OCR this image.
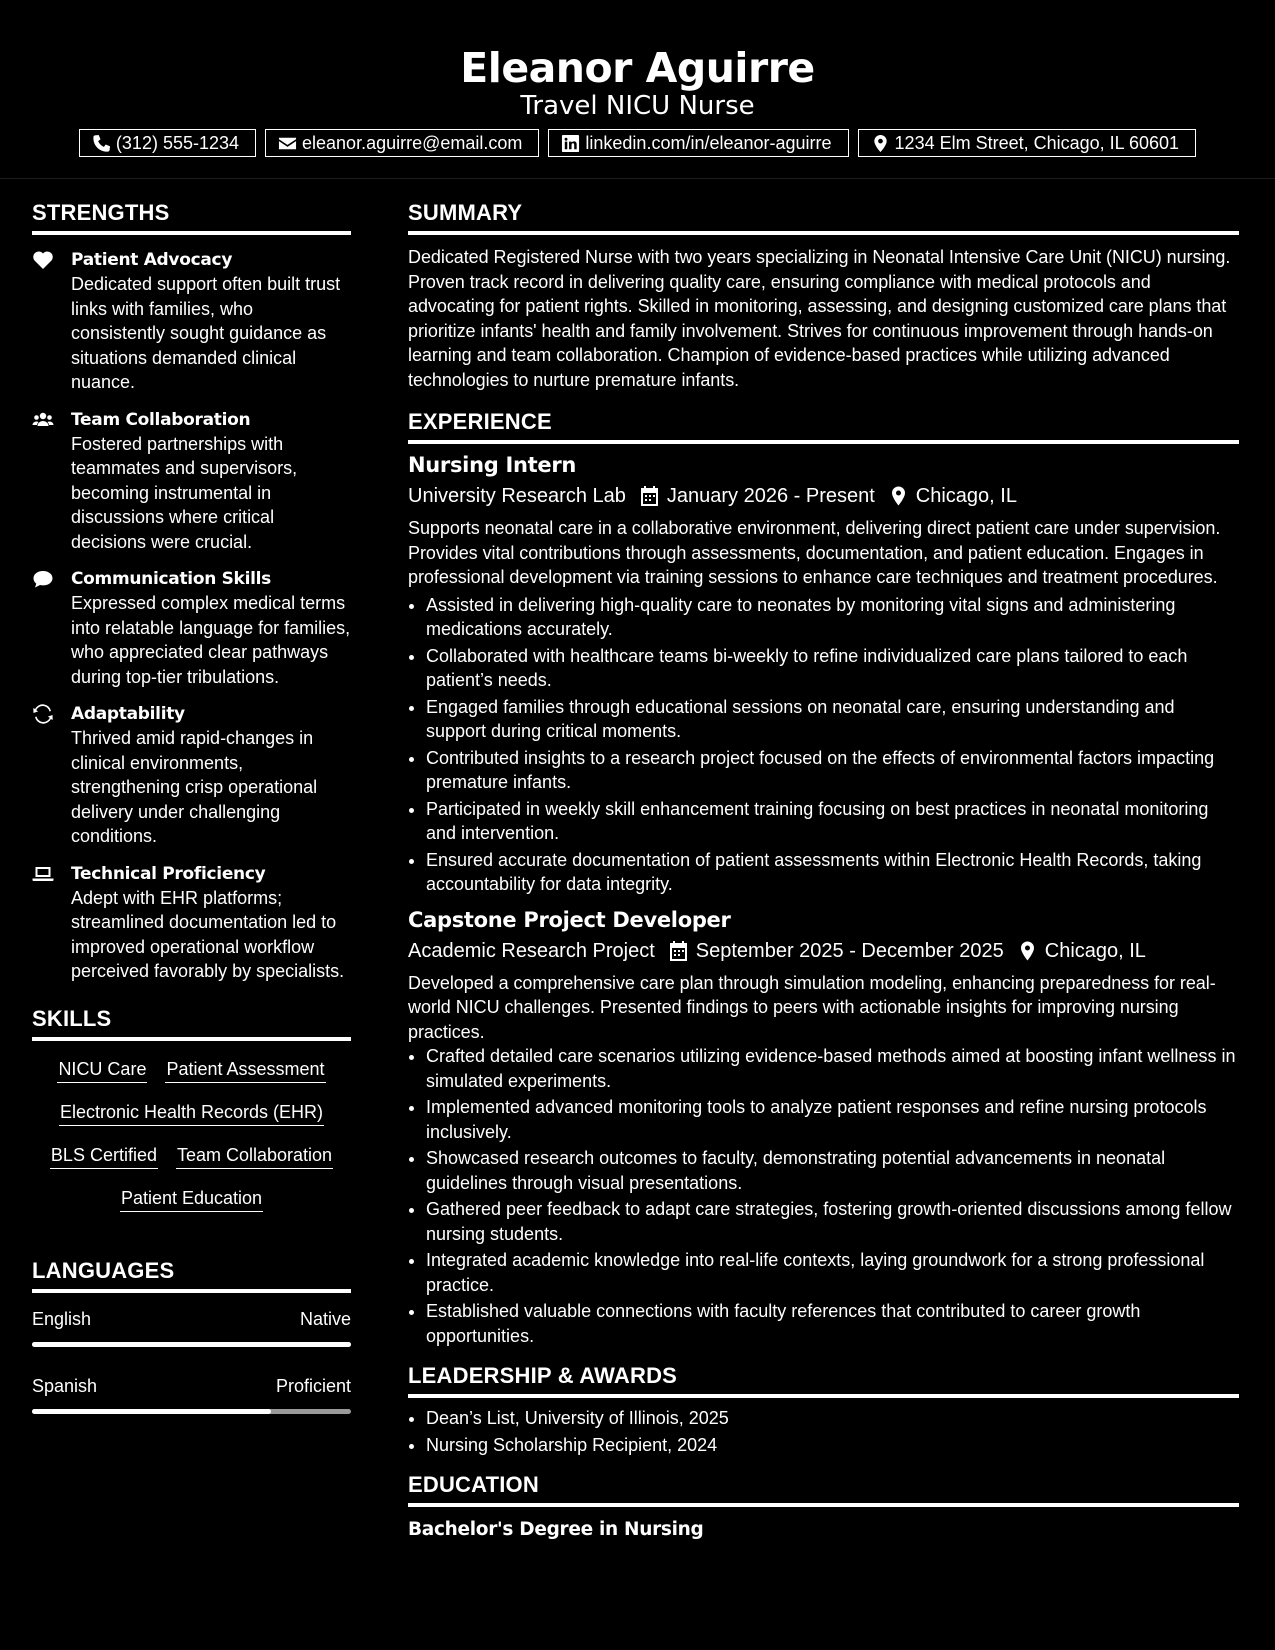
Eleanor Aguirre
Travel NICU Nurse
(312) 555-1234	eleanor.aguirre@email.com	linkedin.com/in/eleanor-aguirre	1234 Elm Street, Chicago, IL 60601
STRENGTHS
Patient Advocacy
Dedicated support often built trust links with families, who consistently sought guidance as situations demanded clinical nuance.
Team Collaboration
Fostered partnerships with teammates and supervisors, becoming instrumental in discussions where critical decisions were crucial.
Communication Skills
Expressed complex medical terms into relatable language for families, who appreciated clear pathways during top-tier tribulations.
Adaptability
Thrived amid rapid-changes in clinical environments, strengthening crisp operational delivery under challenging conditions.
Technical Proficiency
Adept with EHR platforms; streamlined documentation led to improved operational workflow perceived favorably by specialists.
SKILLS
NICU Care Patient Assessment
Electronic Health Records (EHR)
BLS Certified Team Collaboration
Patient Education
LANGUAGES
English	Native
Spanish	Proficient
SUMMARY
Dedicated Registered Nurse with two years specializing in Neonatal Intensive Care Unit (NICU) nursing. Proven track record in delivering quality care, ensuring compliance with medical protocols and advocating for patient rights. Skilled in monitoring, assessing, and designing customized care plans that prioritize infants' health and family involvement. Strives for continuous improvement through hands-on learning and team collaboration. Champion of evidence-based practices while utilizing advanced technologies to nurture premature infants.
EXPERIENCE
Nursing Intern
University Research Lab January 2026 - Present Chicago, IL
Supports neonatal care in a collaborative environment, delivering direct patient care under supervision. Provides vital contributions through assessments, documentation, and patient education. Engages in professional development via training sessions to enhance care techniques and treatment procedures.
• Assisted in delivering high-quality care to neonates by monitoring vital signs and administering medications accurately.
• Collaborated with healthcare teams bi-weekly to refine individualized care plans tailored to each patient’s needs.
• Engaged families through educational sessions on neonatal care, ensuring understanding and support during critical moments.
• Contributed insights to a research project focused on the effects of environmental factors impacting premature infants.
• Participated in weekly skill enhancement training focusing on best practices in neonatal monitoring and intervention.
• Ensured accurate documentation of patient assessments within Electronic Health Records, taking accountability for data integrity.
Capstone Project Developer
Academic Research Project September 2025 - December 2025 Chicago, IL
Developed a comprehensive care plan through simulation modeling, enhancing preparedness for real-world NICU challenges. Presented findings to peers with actionable insights for improving nursing practices.
• Crafted detailed care scenarios utilizing evidence-based methods aimed at boosting infant wellness in simulated experiments.
• Implemented advanced monitoring tools to analyze patient responses and refine nursing protocols inclusively.
• Showcased research outcomes to faculty, demonstrating potential advancements in neonatal guidelines through visual presentations.
• Gathered peer feedback to adapt care strategies, fostering growth-oriented discussions among fellow nursing students.
• Integrated academic knowledge into real-life contexts, laying groundwork for a strong professional practice.
• Established valuable connections with faculty references that contributed to career growth opportunities.
LEADERSHIP & AWARDS
• Dean’s List, University of Illinois, 2025
• Nursing Scholarship Recipient, 2024
EDUCATION
Bachelor's Degree in Nursing
